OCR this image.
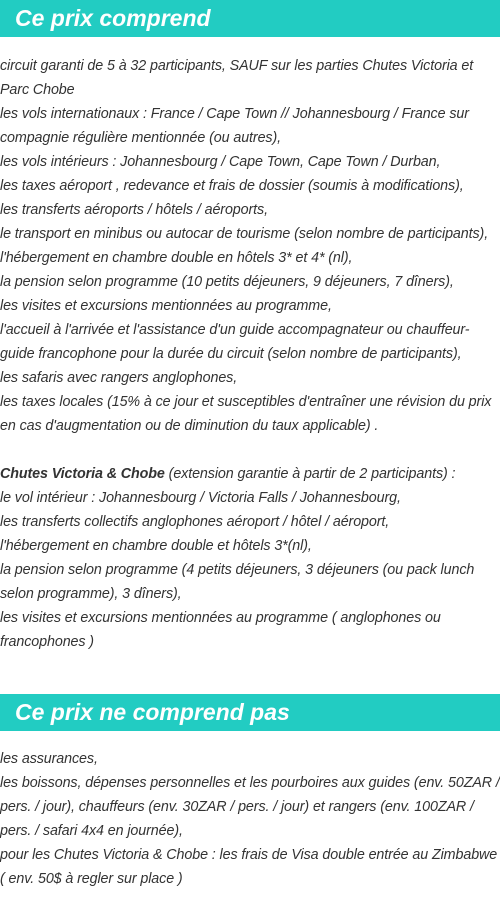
Ce prix comprend
circuit garanti de 5 à 32 participants, SAUF sur les parties Chutes Victoria et Parc Chobe
les vols internationaux : France / Cape Town // Johannesbourg / France sur compagnie régulière mentionnée (ou autres),
les vols intérieurs : Johannesbourg / Cape Town, Cape Town / Durban,
les taxes aéroport , redevance et frais de dossier (soumis à modifications),
les transferts aéroports / hôtels / aéroports,
le transport en minibus ou autocar de tourisme (selon nombre de participants),
l'hébergement en chambre double en hôtels 3* et 4* (nl),
la pension selon programme (10 petits déjeuners, 9 déjeuners, 7 dîners),
les visites et excursions mentionnées au programme,
l'accueil à l'arrivée et l'assistance d'un guide accompagnateur ou chauffeur-guide francophone pour la durée du circuit (selon nombre de participants),
les safaris avec rangers anglophones,
les taxes locales (15% à ce jour et susceptibles d'entraîner une révision du prix en cas d'augmentation ou de diminution du taux applicable) .
Chutes Victoria & Chobe (extension garantie à partir de 2 participants) :
le vol intérieur : Johannesbourg / Victoria Falls / Johannesbourg,
les transferts collectifs anglophones aéroport / hôtel / aéroport,
l'hébergement en chambre double et hôtels 3*(nl),
la pension selon programme (4 petits déjeuners, 3 déjeuners (ou pack lunch selon programme), 3 dîners),
les visites et excursions mentionnées au programme ( anglophones ou francophones )
Ce prix ne comprend pas
les assurances,
les boissons, dépenses personnelles et les pourboires aux guides (env. 50ZAR / pers. / jour), chauffeurs (env. 30ZAR / pers. / jour) et rangers (env. 100ZAR / pers. / safari 4x4 en journée),
pour les Chutes Victoria & Chobe : les frais de Visa double entrée au Zimbabwe ( env. 50$ à regler sur place )
